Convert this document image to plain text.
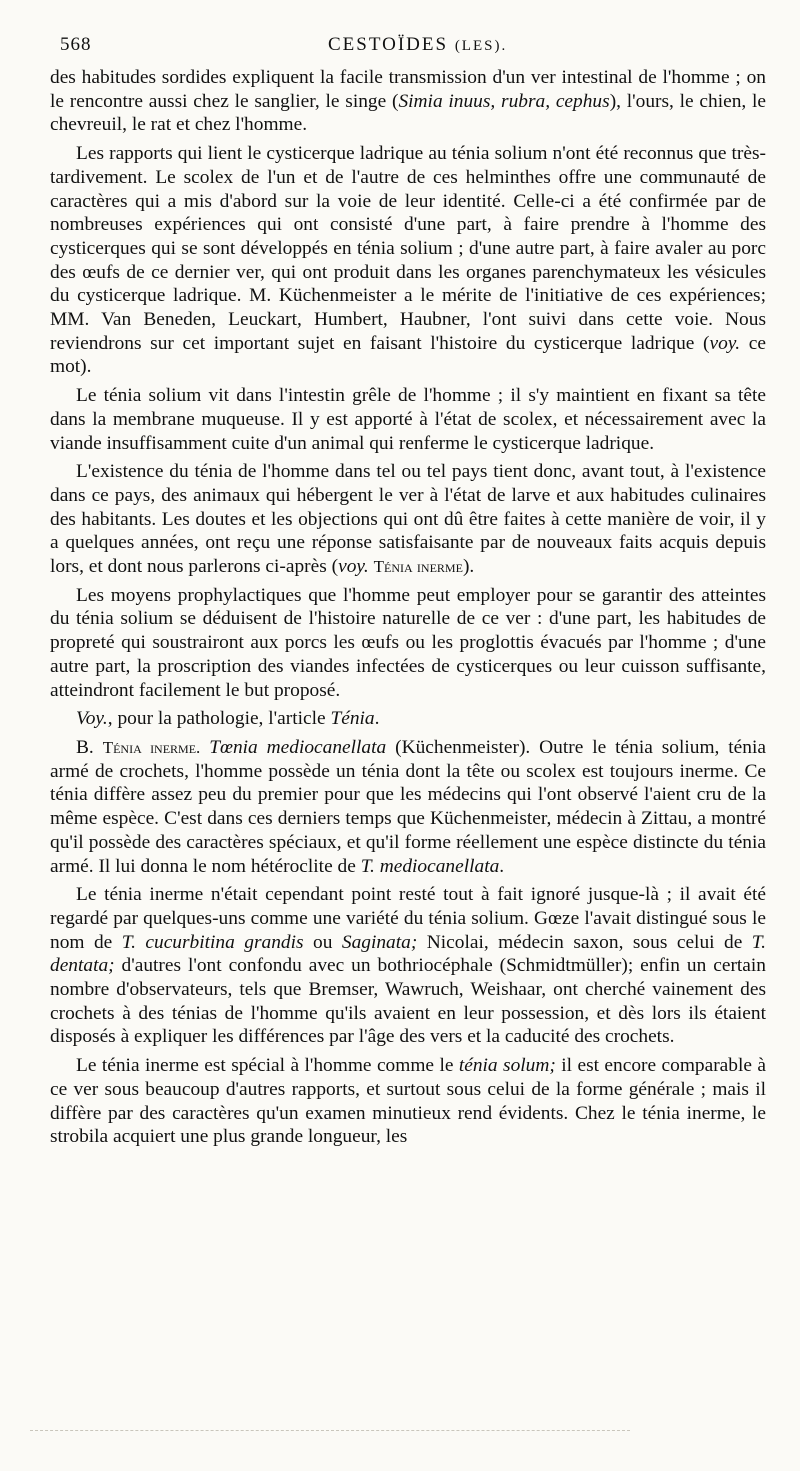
568	CESTOÏDES (LES).

des habitudes sordides expliquent la facile transmission d'un ver intestinal de l'homme ; on le rencontre aussi chez le sanglier, le singe (Simia inuus, rubra, cephus), l'ours, le chien, le chevreuil, le rat et chez l'homme.

Les rapports qui lient le cysticerque ladrique au ténia solium n'ont été reconnus que très-tardivement. Le scolex de l'un et de l'autre de ces helminthes offre une communauté de caractères qui a mis d'abord sur la voie de leur identité. Celle-ci a été confirmée par de nombreuses expériences qui ont consisté d'une part, à faire prendre à l'homme des cysticerques qui se sont développés en ténia solium ; d'une autre part, à faire avaler au porc des œufs de ce dernier ver, qui ont produit dans les organes parenchymateux les vésicules du cysticerque ladrique. M. Küchenmeister a le mérite de l'initiative de ces expériences; MM. Van Beneden, Leuckart, Humbert, Haubner, l'ont suivi dans cette voie. Nous reviendrons sur cet important sujet en faisant l'histoire du cysticerque ladrique (voy. ce mot).

Le ténia solium vit dans l'intestin grêle de l'homme ; il s'y maintient en fixant sa tête dans la membrane muqueuse. Il y est apporté à l'état de scolex, et nécessairement avec la viande insuffisamment cuite d'un animal qui renferme le cysticerque ladrique.

L'existence du ténia de l'homme dans tel ou tel pays tient donc, avant tout, à l'existence dans ce pays, des animaux qui hébergent le ver à l'état de larve et aux habitudes culinaires des habitants. Les doutes et les objections qui ont dû être faites à cette manière de voir, il y a quelques années, ont reçu une réponse satisfaisante par de nouveaux faits acquis depuis lors, et dont nous parlerons ci-après (voy. Ténia inerme).

Les moyens prophylactiques que l'homme peut employer pour se garantir des atteintes du ténia solium se déduisent de l'histoire naturelle de ce ver : d'une part, les habitudes de propreté qui soustrairont aux porcs les œufs ou les proglottis évacués par l'homme ; d'une autre part, la proscription des viandes infectées de cysticerques ou leur cuisson suffisante, atteindront facilement le but proposé.

Voy., pour la pathologie, l'article Ténia.

B. Ténia inerme. Tœnia mediocanellata (Küchenmeister). Outre le ténia solium, ténia armé de crochets, l'homme possède un ténia dont la tête ou scolex est toujours inerme. Ce ténia diffère assez peu du premier pour que les médecins qui l'ont observé l'aient cru de la même espèce. C'est dans ces derniers temps que Küchenmeister, médecin à Zittau, a montré qu'il possède des caractères spéciaux, et qu'il forme réellement une espèce distincte du ténia armé. Il lui donna le nom hétéroclite de T. mediocanellata.

Le ténia inerme n'était cependant point resté tout à fait ignoré jusque-là ; il avait été regardé par quelques-uns comme une variété du ténia solium. Gœze l'avait distingué sous le nom de T. cucurbitina grandis ou Saginata; Nicolai, médecin saxon, sous celui de T. dentata; d'autres l'ont confondu avec un bothriocéphale (Schmidtmüller); enfin un certain nombre d'observateurs, tels que Bremser, Wawruch, Weishaar, ont cherché vainement des crochets à des ténias de l'homme qu'ils avaient en leur possession, et dès lors ils étaient disposés à expliquer les différences par l'âge des vers et la caducité des crochets.

Le ténia inerme est spécial à l'homme comme le ténia solum; il est encore comparable à ce ver sous beaucoup d'autres rapports, et surtout sous celui de la forme générale ; mais il diffère par des caractères qu'un examen minutieux rend évidents. Chez le ténia inerme, le strobila acquiert une plus grande longueur, les
